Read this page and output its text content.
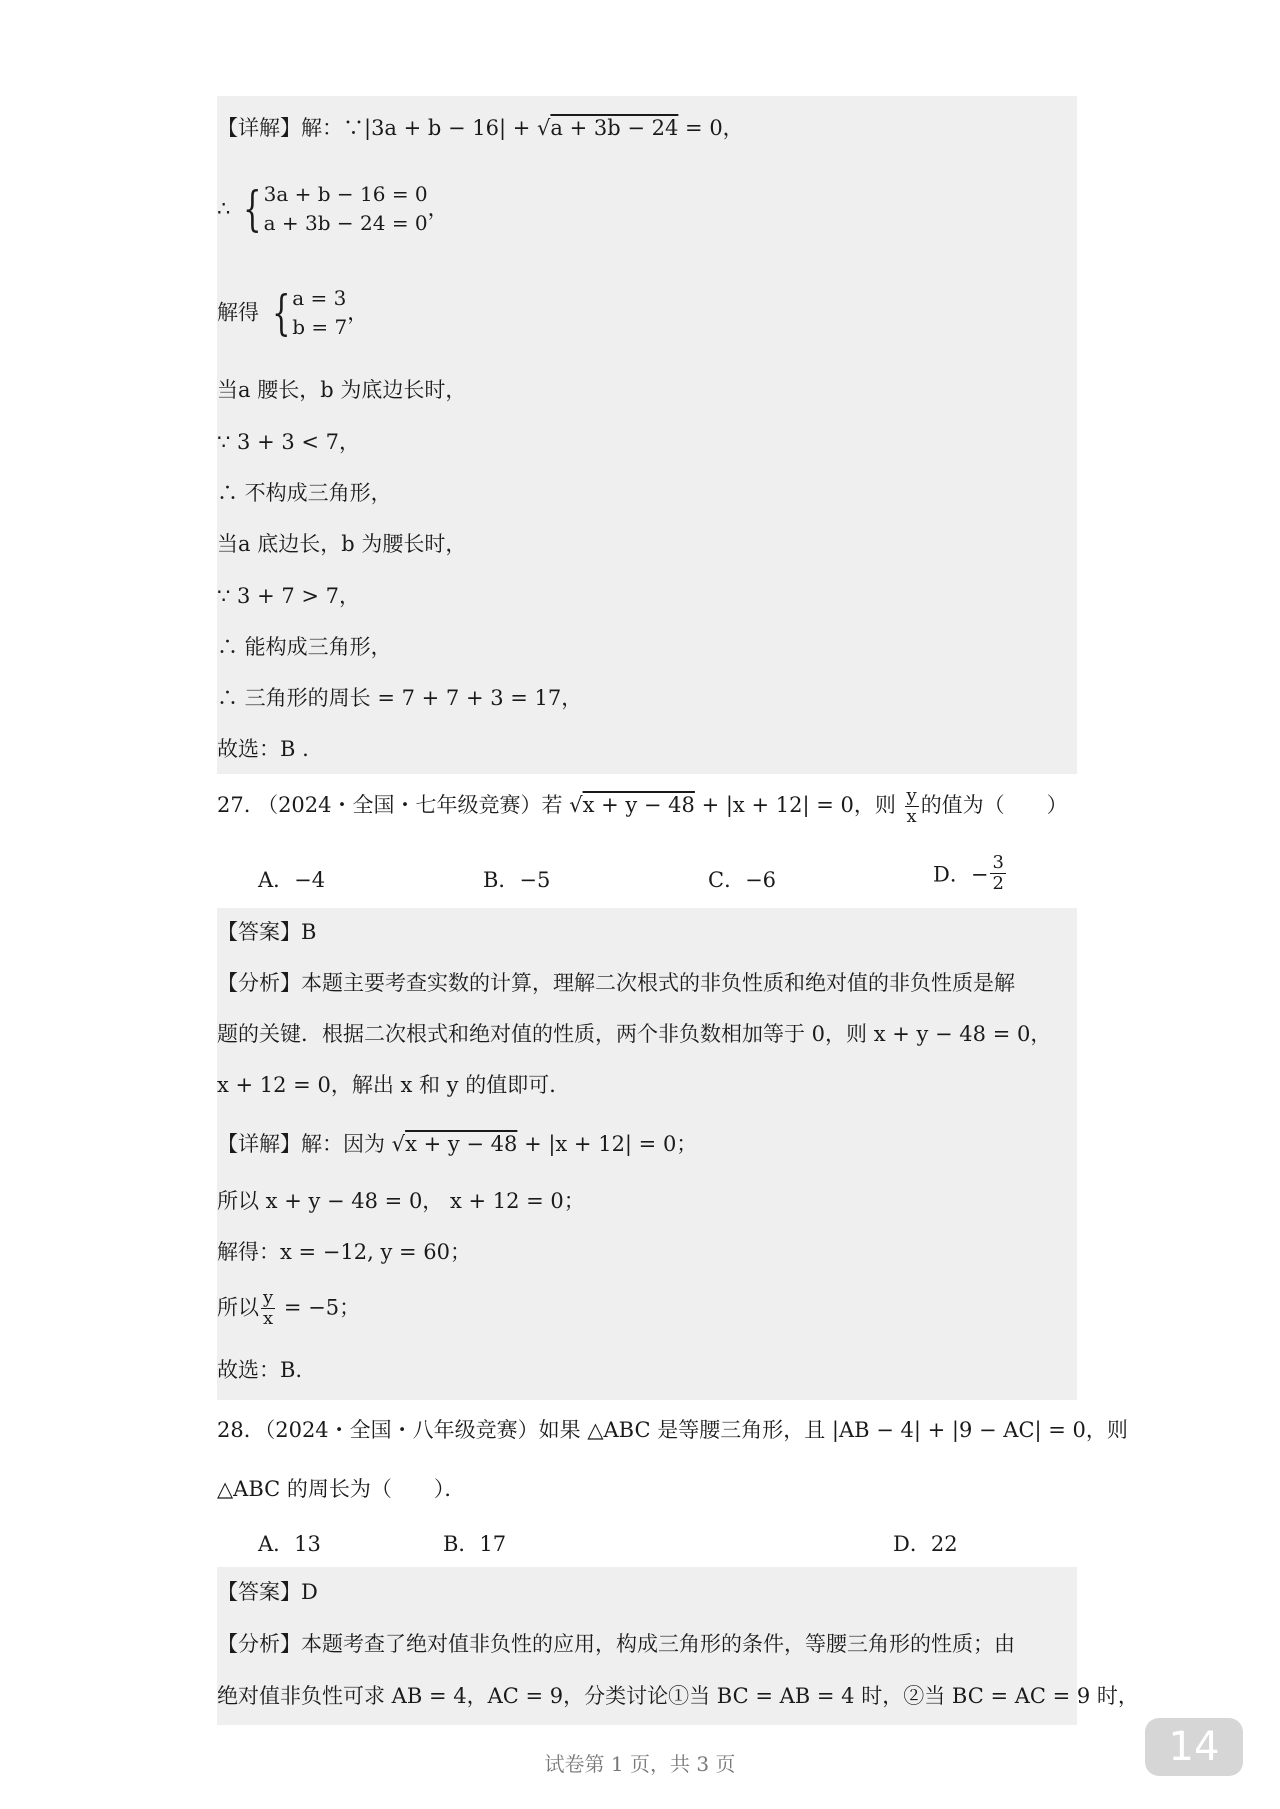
【详解】解：∵|3a + b − 16| + √a + 3b − 24 = 0，
∴ { 3a + b − 16 = 0
a + 3b − 24 = 0
，
解得 { a = 3
b = 7
，
当a 腰长，b 为底边长时，
∵ 3 + 3 < 7，
∴ 不构成三角形，
当a 底边长，b 为腰长时，
∵ 3 + 7 > 7，
∴ 能构成三角形，
∴ 三角形的周长 = 7 + 7 + 3 = 17，
故选：B .
27. （2024・全国・七年级竞赛）若 √x + y − 48 + |x + 12| = 0，则 $\frac{y}{x}$ 的值为（　　）
A．−4	B．−5	C．−6	D．− $\frac{3}{2}$
【答案】B
【分析】本题主要考查实数的计算，理解二次根式的非负性质和绝对值的非负性质是解
题的关键．根据二次根式和绝对值的性质，两个非负数相加等于 0，则 x + y − 48 = 0，
x + 12 = 0，解出 x 和 y 的值即可．
【详解】解：因为 √x + y − 48 + |x + 12| = 0；
所以 x + y − 48 = 0， x + 12 = 0；
解得：x = −12, y = 60；
所以 $\frac{y}{x} = -5$；
故选：B.
28．（2024・全国・八年级竞赛）如果 △ABC 是等腰三角形，且 |AB − 4| + |9 − AC| = 0，则
△ABC 的周长为（　　）．
A．13	B．17	D．22
【答案】D
【分析】本题考查了绝对值非负性的应用，构成三角形的条件，等腰三角形的性质；由
绝对值非负性可求 AB = 4，AC = 9，分类讨论①当 BC = AB = 4 时，②当 BC = AC = 9 时，
试卷第 1 页，共 3 页	14
